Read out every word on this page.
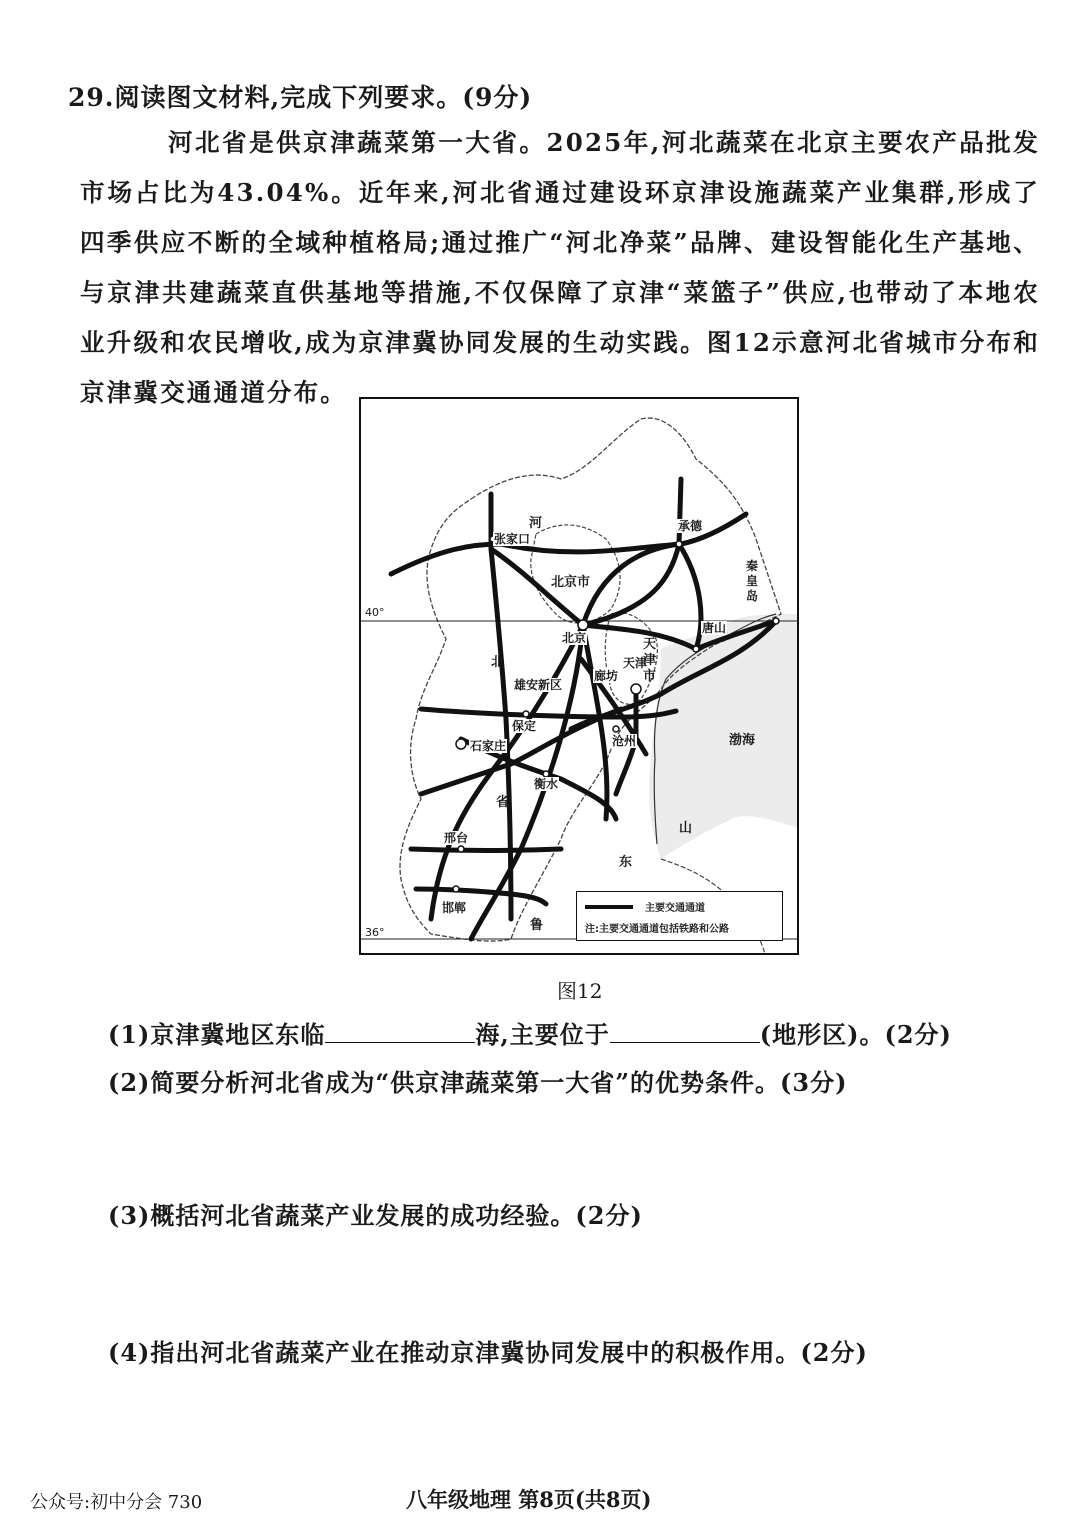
29.阅读图文材料,完成下列要求。(9分)
河北省是供京津蔬菜第一大省。2025年,河北蔬菜在北京主要农产品批发市场占比为43.04%。近年来,河北省通过建设环京津设施蔬菜产业集群,形成了四季供应不断的全域种植格局;通过推广“河北净菜”品牌、建设智能化生产基地、与京津共建蔬菜直供基地等措施,不仅保障了京津“菜篮子”供应,也带动了本地农业升级和农民增收,成为京津冀协同发展的生动实践。图12示意河北省城市分布和京津冀交通通道分布。
40°
36°
张家口
承德
北京
唐山
秦皇岛
廊坊
天津
雄安新区
保定
石家庄	沧州
衡水
邢台
邯郸
北京市
天津市
河
北
省
渤海
山
东
鲁
主要交通通道
注:主要交通通道包括铁路和公路
图12
(1)京津冀地区东临	海,主要位于	(地形区)。(2分)
(2)简要分析河北省成为“供京津蔬菜第一大省”的优势条件。(3分)
(3)概括河北省蔬菜产业发展的成功经验。(2分)
(4)指出河北省蔬菜产业在推动京津冀协同发展中的积极作用。(2分)
公众号:初中分会 730	八年级地理 第8页(共8页)
